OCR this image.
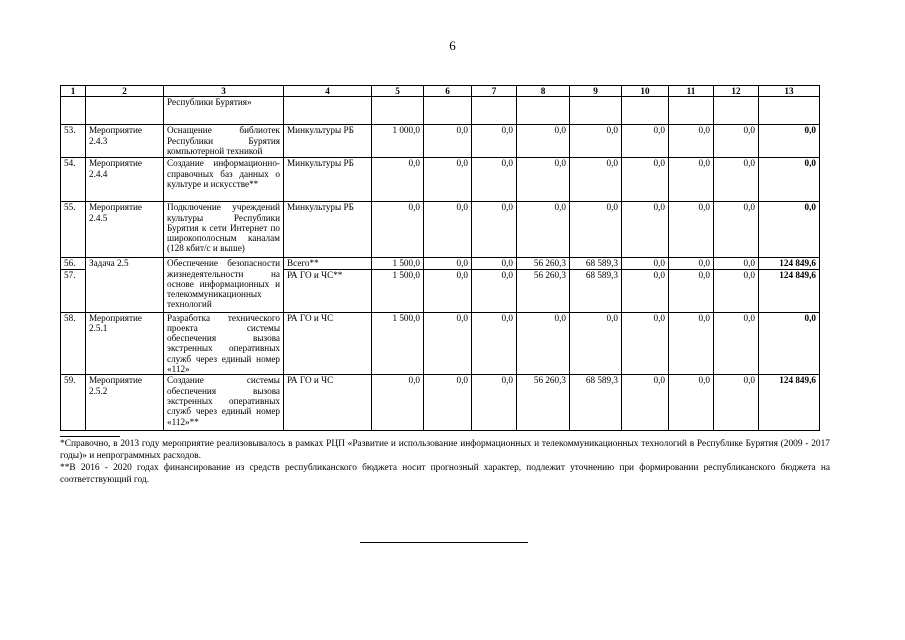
6
1	2	3	4	5	6	7	8	9	10	11	12	13
		Республики Бурятия»										
53.	Мероприятие 2.4.3	Оснащение библиотек Республики Бурятия компьютерной техникой	Минкультуры РБ	1 000,0	0,0	0,0	0,0	0,0	0,0	0,0	0,0	0,0
54.	Мероприятие 2.4.4	Создание информационно-справочных баз данных о культуре и искусстве**	Минкультуры РБ	0,0	0,0	0,0	0,0	0,0	0,0	0,0	0,0	0,0
55.	Мероприятие 2.4.5	Подключение учреждений культуры Республики Бурятия к сети Интернет по широкополосным каналам (128 кбит/с и выше)	Минкультуры РБ	0,0	0,0	0,0	0,0	0,0	0,0	0,0	0,0	0,0
56.	Задача 2.5	Обеспечение безопасности жизнедеятельности на основе информационных и телекоммуникационных технологий	Всего**	1 500,0	0,0	0,0	56 260,3	68 589,3	0,0	0,0	0,0	124 849,6
57.			РА ГО и ЧС**	1 500,0	0,0	0,0	56 260,3	68 589,3	0,0	0,0	0,0	124 849,6
58.	Мероприятие 2.5.1	Разработка технического проекта системы обеспечения вызова экстренных оперативных служб через единый номер «112»	РА ГО и ЧС	1 500,0	0,0	0,0	0,0	0,0	0,0	0,0	0,0	0,0
59.	Мероприятие 2.5.2	Создание системы обеспечения вызова экстренных оперативных служб через единый номер «112»**	РА ГО и ЧС	0,0	0,0	0,0	56 260,3	68 589,3	0,0	0,0	0,0	124 849,6

*Справочно, в 2013 году мероприятие реализовывалось в рамках РЦП «Развитие и использование информационных и телекоммуникационных технологий в Республике Бурятия (2009 - 2017 годы)» и непрограммных расходов.

**В 2016 - 2020 годах финансирование из средств республиканского бюджета носит прогнозный характер, подлежит уточнению при формировании республиканского бюджета на соответствующий год.
